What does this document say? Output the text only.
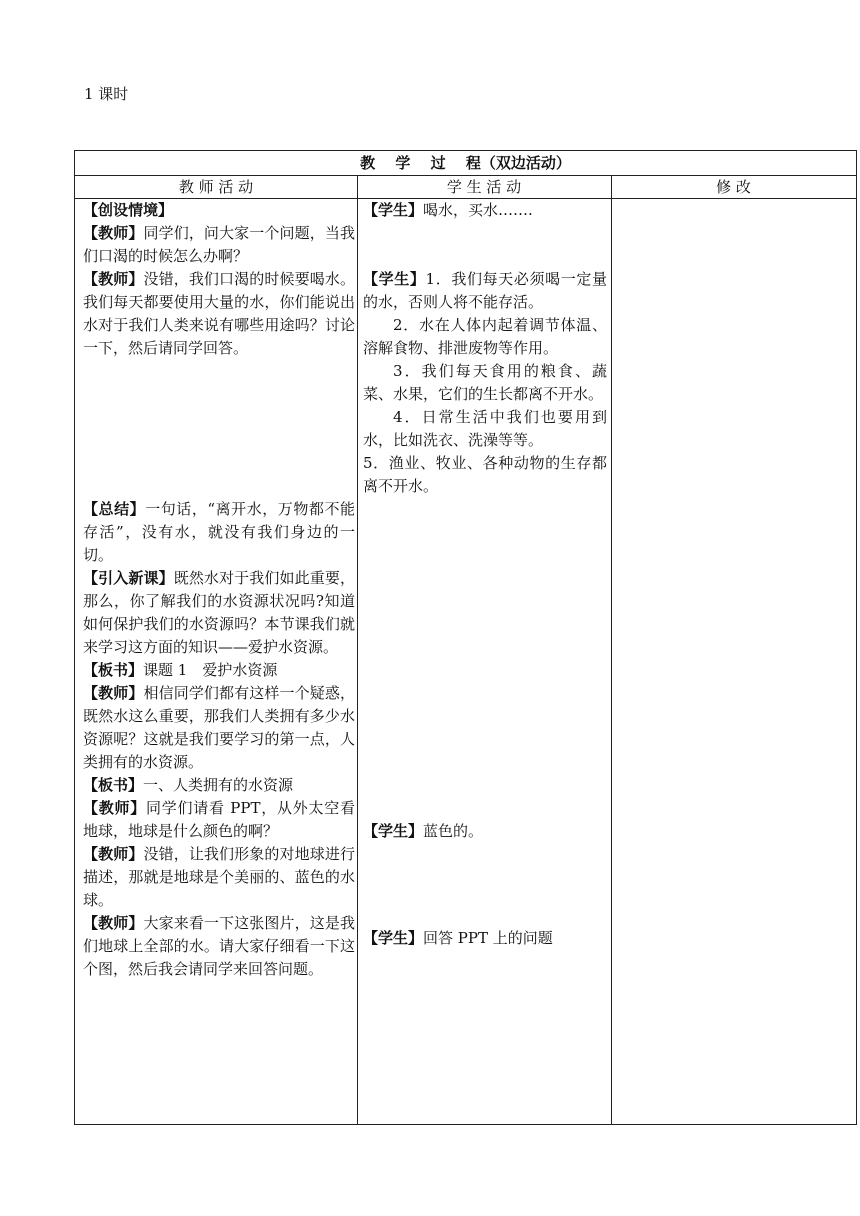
1 课时
教　 学　 过　 程（双边活动）
教 师 活 动	学 生 活 动	修 改

【创设情境】

【教师】同学们，问大家一个问题，当我们口渴的时候怎么办啊？

【教师】没错，我们口渴的时候要喝水。我们每天都要使用大量的水，你们能说出水对于我们人类来说有哪些用途吗？讨论一下，然后请同学回答。

【总结】一句话，“离开水，万物都不能存活”，没有水，就没有我们身边的一切。

【引入新课】既然水对于我们如此重要，那么，你了解我们的水资源状况吗?知道如何保护我们的水资源吗？本节课我们就来学习这方面的知识——爱护水资源。

【板书】课题 1　爱护水资源

【教师】相信同学们都有这样一个疑惑，既然水这么重要，那我们人类拥有多少水资源呢？这就是我们要学习的第一点，人类拥有的水资源。

【板书】一、人类拥有的水资源

【教师】同学们请看 PPT，从外太空看地球，地球是什么颜色的啊？

【教师】没错，让我们形象的对地球进行描述，那就是地球是个美丽的、蓝色的水球。

【教师】大家来看一下这张图片，这是我们地球上全部的水。请大家仔细看一下这个图，然后我会请同学来回答问题。

【学生】喝水，买水…….

【学生】1．我们每天必须喝一定量的水，否则人将不能存活。

2．水在人体内起着调节体温、溶解食物、排泄废物等作用。

3．我们每天食用的粮食、蔬菜、水果，它们的生长都离不开水。

4．日常生活中我们也要用到水，比如洗衣、洗澡等等。

5．渔业、牧业、各种动物的生存都离不开水。

【学生】蓝色的。

【学生】回答 PPT 上的问题
